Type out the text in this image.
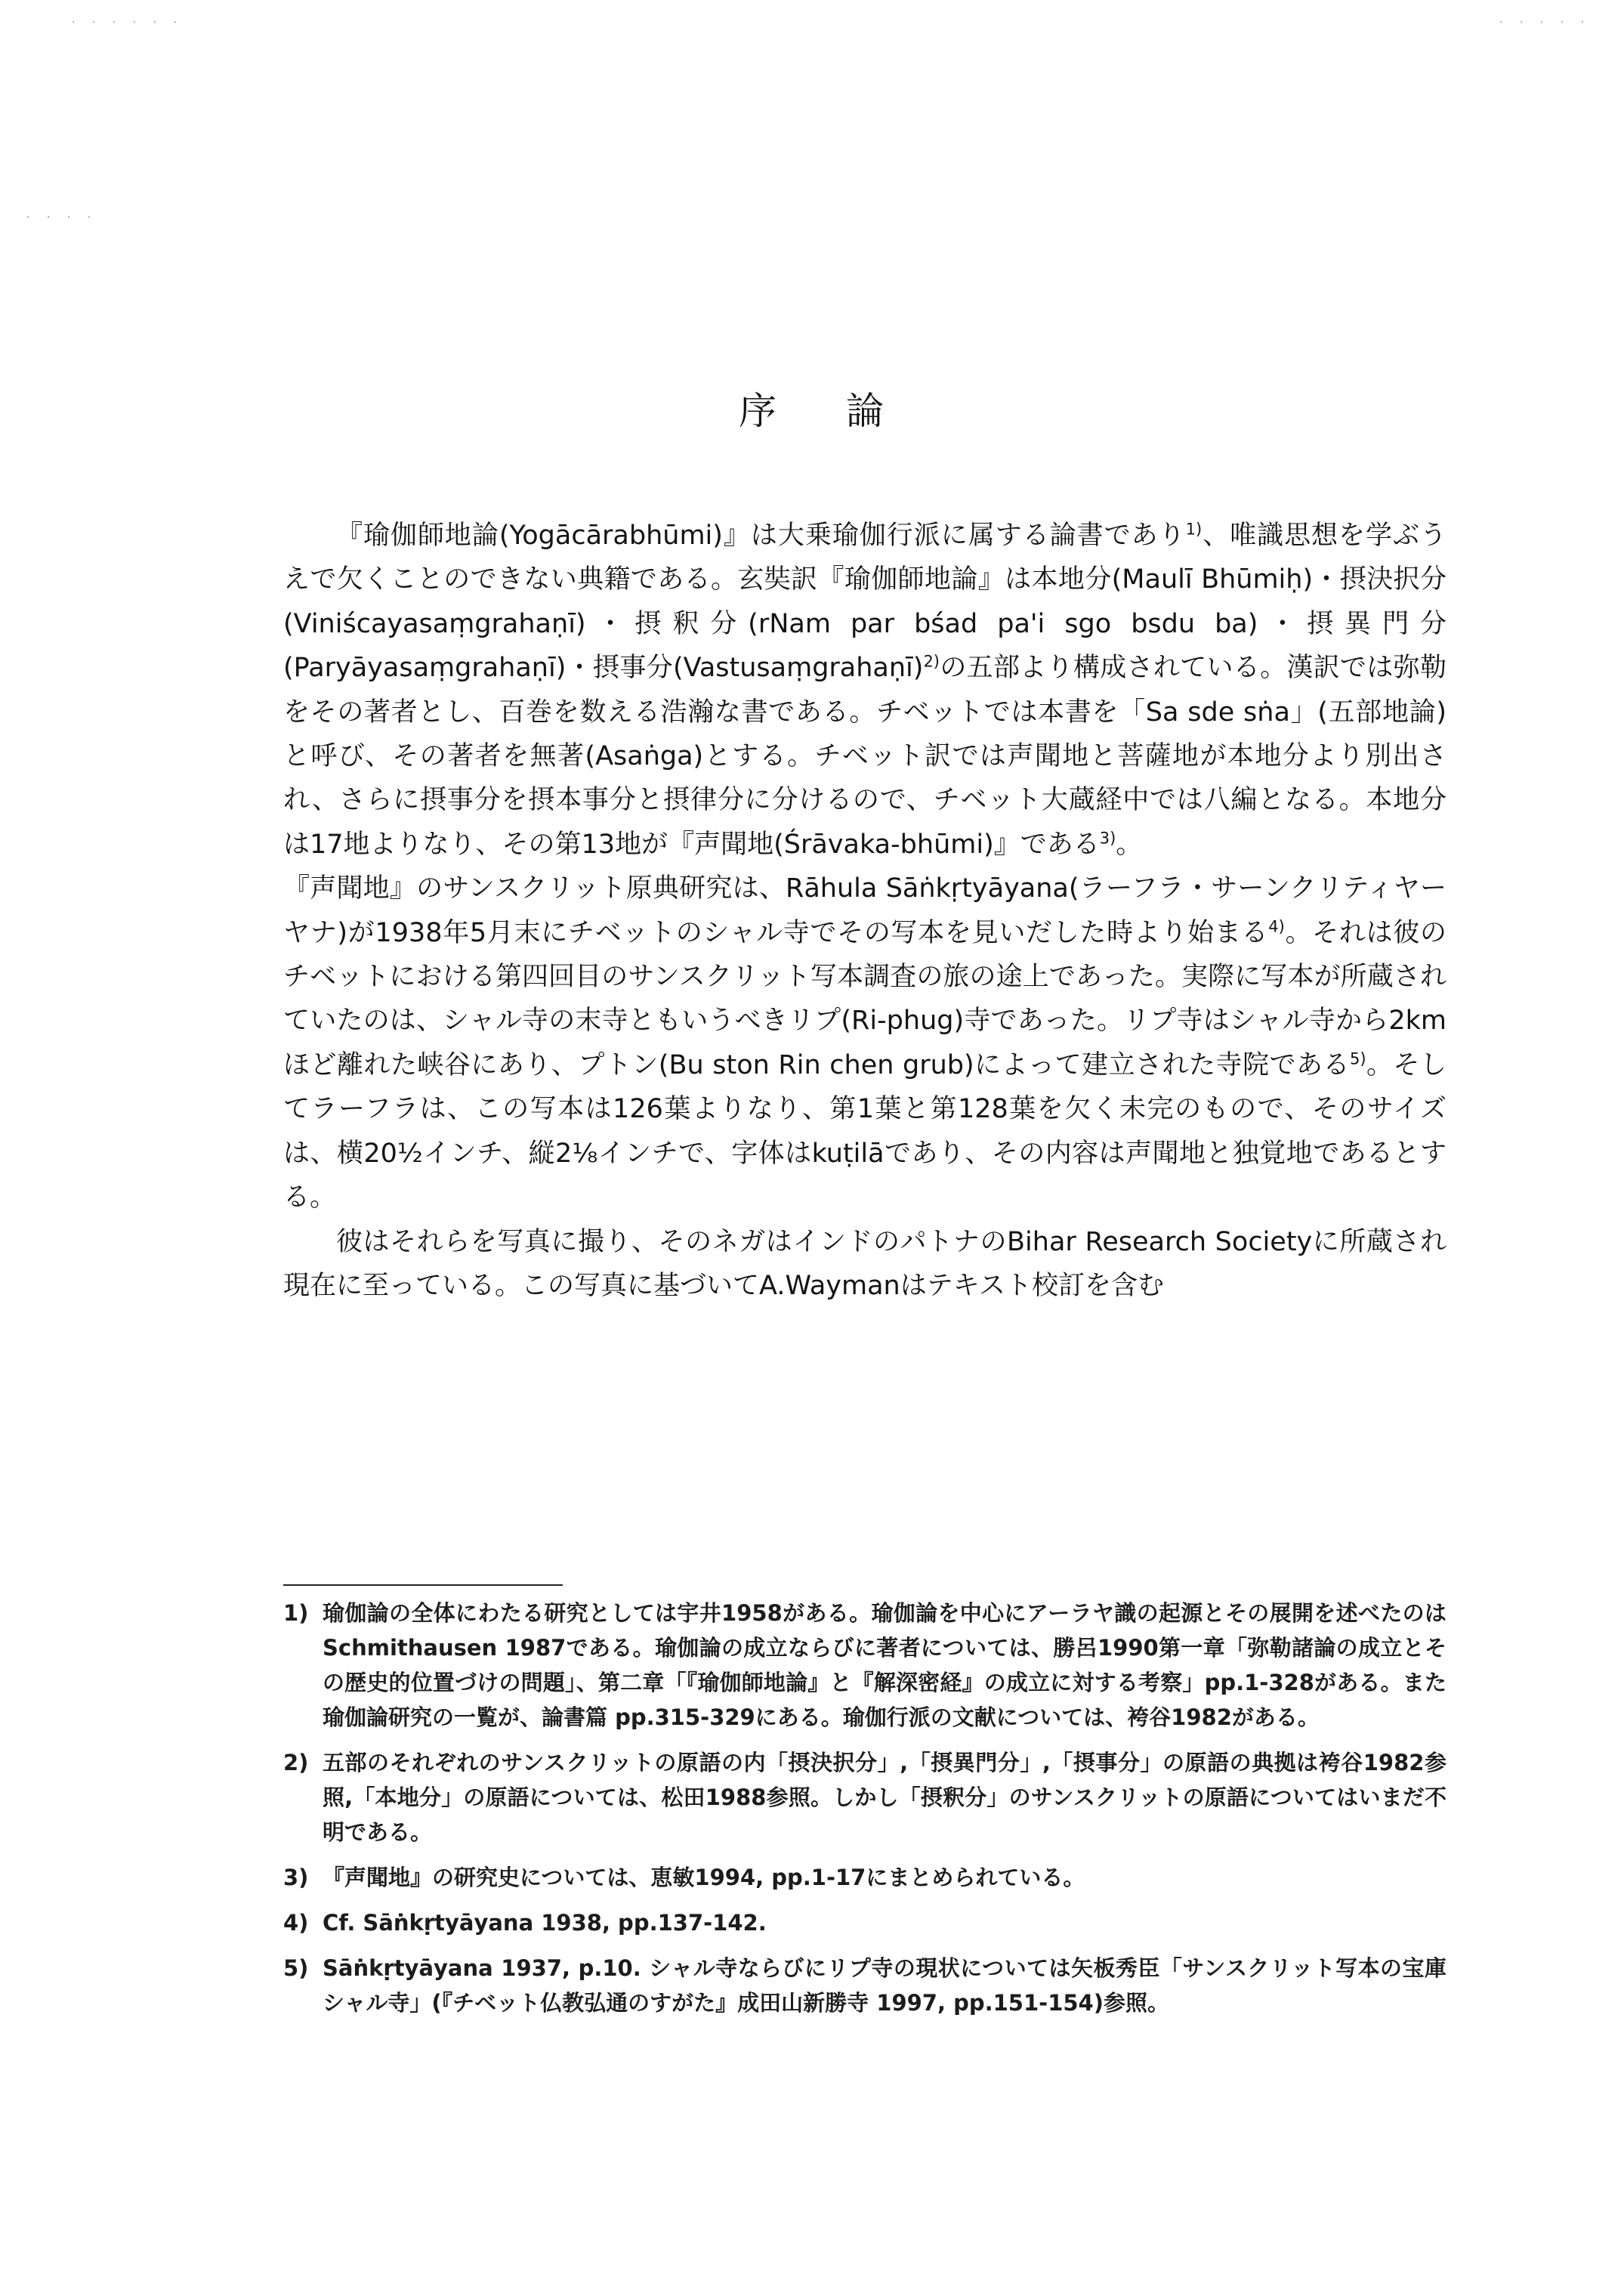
· · · · · ·	· · · · ·
· · · ·
序 論

『瑜伽師地論(Yogācārabhūmi)』は大乗瑜伽行派に属する論書であり$^{1)}$、唯識思想を学ぶうえで欠くことのできない典籍である。玄奘訳『瑜伽師地論』は本地分(Maulī Bhūmiḥ)・摂決択分(Viniścayasaṃgrahaṇī)・摂釈分(rNam par bśad pa'i sgo bsdu ba)・摂異門分(Paryāyasaṃgrahaṇī)・摂事分(Vastusaṃgrahaṇī)$^{2)}$の五部より構成されている。漢訳では弥勒をその著者とし、百巻を数える浩瀚な書である。チベットでは本書を「Sa sde sṅa」(五部地論)と呼び、その著者を無著(Asaṅga)とする。チベット訳では声聞地と菩薩地が本地分より別出され、さらに摂事分を摂本事分と摂律分に分けるので、チベット大蔵経中では八編となる。本地分は17地よりなり、その第13地が『声聞地(Śrāvaka-bhūmi)』である$^{3)}$。

『声聞地』のサンスクリット原典研究は、Rāhula Sāṅkṛtyāyana(ラーフラ・サーンクリティヤーヤナ)が1938年5月末にチベットのシャル寺でその写本を見いだした時より始まる$^{4)}$。それは彼のチベットにおける第四回目のサンスクリット写本調査の旅の途上であった。実際に写本が所蔵されていたのは、シャル寺の末寺ともいうべきリプ(Ri-phug)寺であった。リプ寺はシャル寺から2kmほど離れた峡谷にあり、プトン(Bu ston Rin chen grub)によって建立された寺院である$^{5)}$。そしてラーフラは、この写本は126葉よりなり、第1葉と第128葉を欠く未完のもので、そのサイズは、横20½インチ、縦2⅛インチで、字体はkuṭilāであり、その内容は声聞地と独覚地であるとする。

彼はそれらを写真に撮り、そのネガはインドのパトナのBihar Research Societyに所蔵され現在に至っている。この写真に基づいてA.Waymanはテキスト校訂を含む

1) 瑜伽論の全体にわたる研究としては宇井1958がある。瑜伽論を中心にアーラヤ識の起源とその展開を述べたのはSchmithausen 1987である。瑜伽論の成立ならびに著者については、勝呂1990第一章「弥勒諸論の成立とその歴史的位置づけの問題」、第二章「『瑜伽師地論』と『解深密経』の成立に対する考察」pp.1-328がある。また瑜伽論研究の一覧が、論書篇 pp.315-329にある。瑜伽行派の文献については、袴谷1982がある。
2) 五部のそれぞれのサンスクリットの原語の内「摂決択分」,「摂異門分」,「摂事分」の原語の典拠は袴谷1982参照,「本地分」の原語については、松田1988参照。しかし「摂釈分」のサンスクリットの原語についてはいまだ不明である。
3) 『声聞地』の研究史については、恵敏1994, pp.1-17にまとめられている。
4) Cf. Sāṅkṛtyāyana 1938, pp.137-142.
5) Sāṅkṛtyāyana 1937, p.10. シャル寺ならびにリプ寺の現状については矢板秀臣「サンスクリット写本の宝庫シャル寺」(『チベット仏教弘通のすがた』成田山新勝寺 1997, pp.151-154)参照。
